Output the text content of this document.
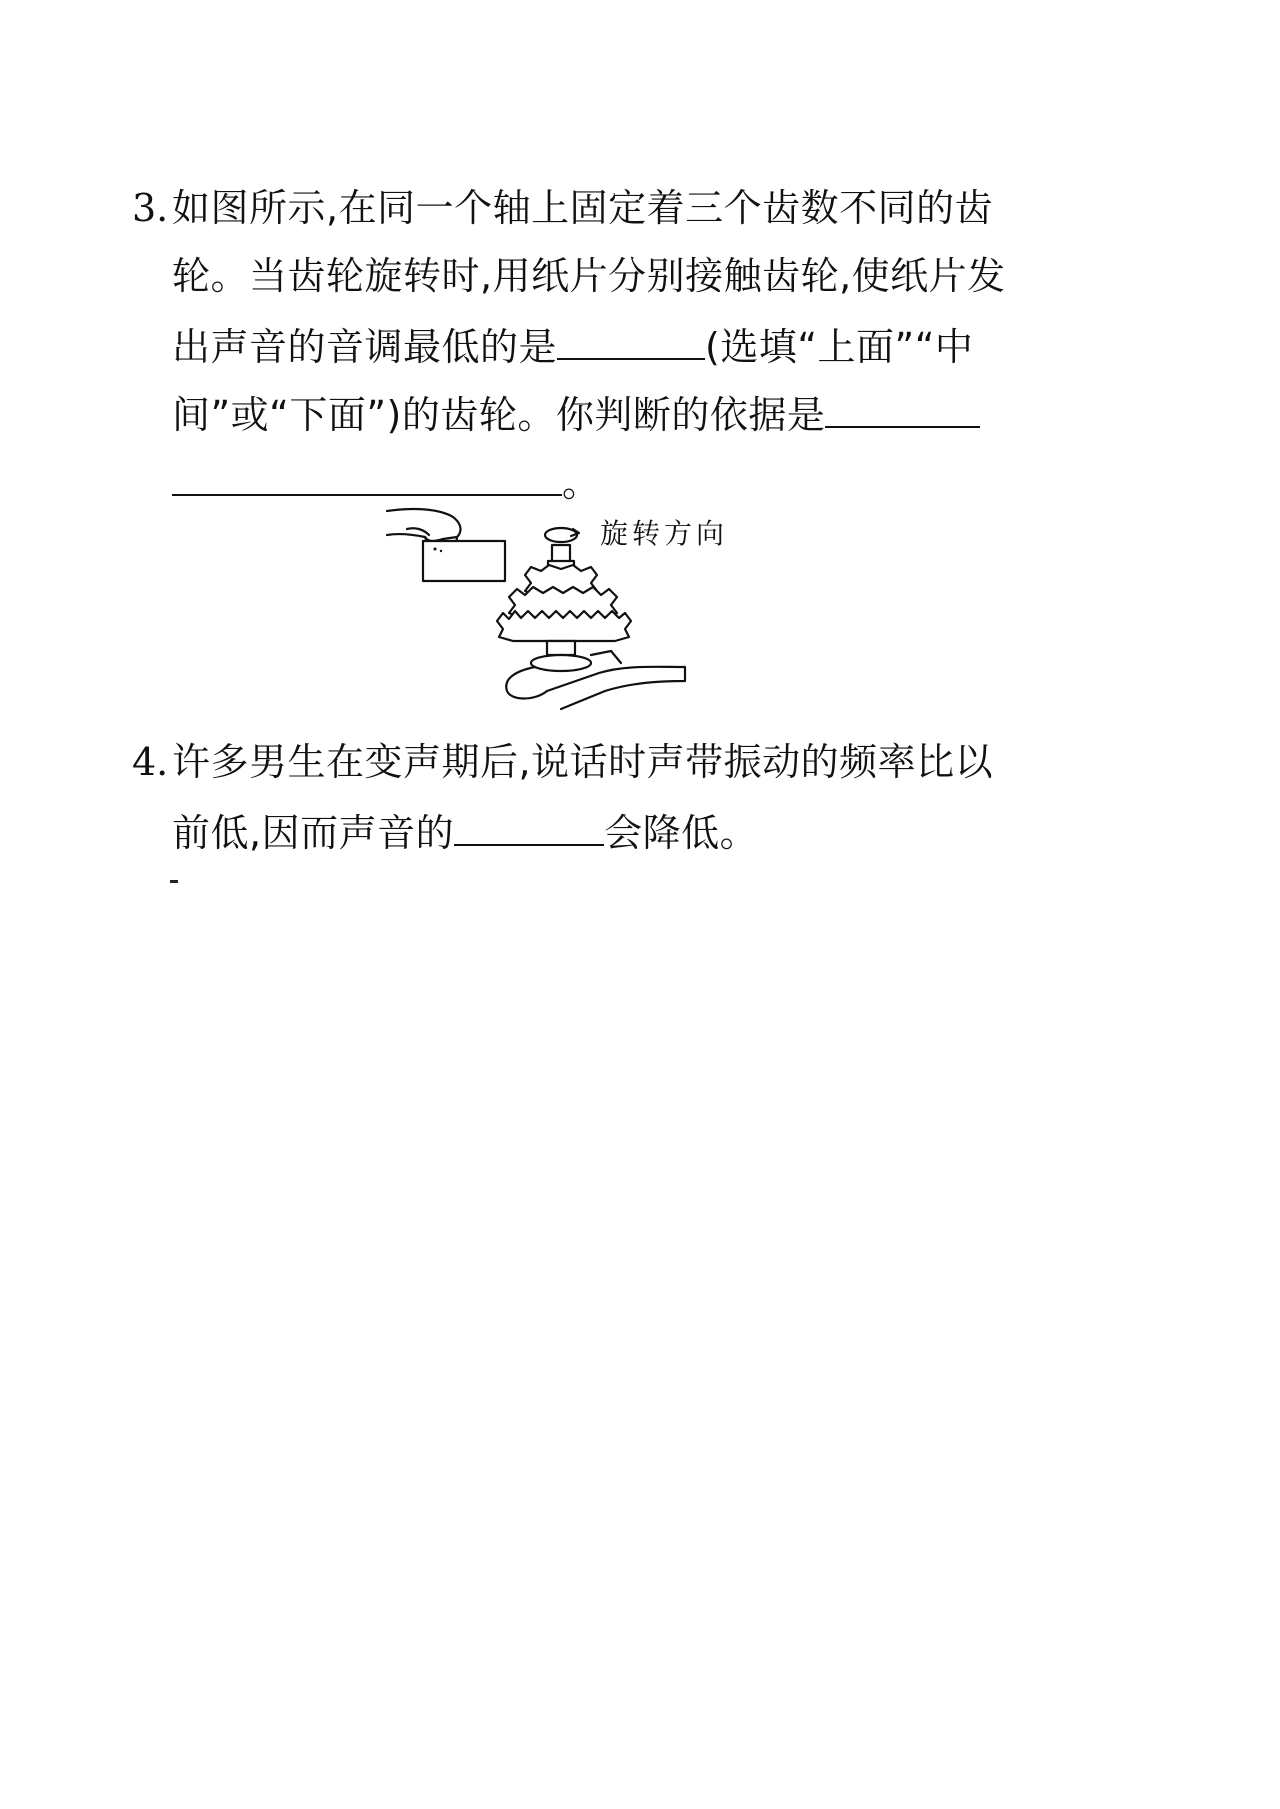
3. 如图所示,在同一个轴上固定着三个齿数不同的齿
轮。当齿轮旋转时,用纸片分别接触齿轮,使纸片发
出声音的音调最低的是	(选填“上面”“中
间”或“下面”)的齿轮。你判断的依据是
。
旋转方向
4. 许多男生在变声期后,说话时声带振动的频率比以
前低,因而声音的	会降低。
